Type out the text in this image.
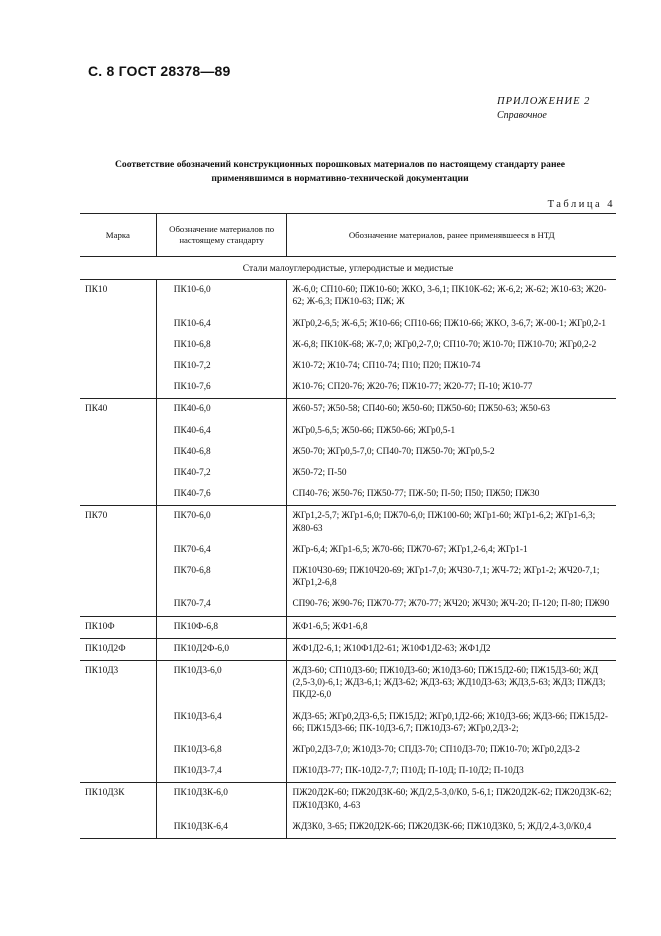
С. 8 ГОСТ 28378—89
ПРИЛОЖЕНИЕ 2
Справочное
Соответствие обозначений конструкционных порошковых материалов по настоящему стандарту ранее применявшимся в нормативно-технической документации
Таблица 4
Марка	Обозначение материалов по настоящему стандарту	Обозначение материалов, ранее применявшееся в НТД
Стали малоуглеродистые, углеродистые и медистые		
ПК10	ПК10-6,0	Ж-6,0; СП10-60; ПЖ10-60; ЖКО, 3-6,1; ПК10К-62; Ж-6,2; Ж-62; Ж10-63; Ж20-62; Ж-6,3; ПЖ10-63; ПЖ; Ж
	ПК10-6,4	ЖГр0,2-6,5; Ж-6,5; Ж10-66; СП10-66; ПЖ10-66; ЖКО, 3-6,7; Ж-00-1; ЖГр0,2-1
	ПК10-6,8	Ж-6,8; ПК10К-68; Ж-7,0; ЖГр0,2-7,0; СП10-70; Ж10-70; ПЖ10-70; ЖГр0,2-2
	ПК10-7,2	Ж10-72; Ж10-74; СП10-74; П10; П20; ПЖ10-74
	ПК10-7,6	Ж10-76; СП20-76; Ж20-76; ПЖ10-77; Ж20-77; П-10; Ж10-77
ПК40	ПК40-6,0	Ж60-57; Ж50-58; СП40-60; Ж50-60; ПЖ50-60; ПЖ50-63; Ж50-63
	ПК40-6,4	ЖГр0,5-6,5; Ж50-66; ПЖ50-66; ЖГр0,5-1
	ПК40-6,8	Ж50-70; ЖГр0,5-7,0; СП40-70; ПЖ50-70; ЖГр0,5-2
	ПК40-7,2	Ж50-72; П-50
	ПК40-7,6	СП40-76; Ж50-76; ПЖ50-77; ПЖ-50; П-50; П50; ПЖ50; ПЖ30
ПК70	ПК70-6,0	ЖГр1,2-5,7; ЖГр1-6,0; ПЖ70-6,0; ПЖ100-60; ЖГр1-60; ЖГр1-6,2; ЖГр1-6,3; Ж80-63
	ПК70-6,4	ЖГр-6,4; ЖГр1-6,5; Ж70-66; ПЖ70-67; ЖГр1,2-6,4; ЖГр1-1
	ПК70-6,8	ПЖ10Ч30-69; ПЖ10Ч20-69; ЖГр1-7,0; ЖЧ30-7,1; ЖЧ-72; ЖГр1-2; ЖЧ20-7,1; ЖГр1,2-6,8
	ПК70-7,4	СП90-76; Ж90-76; ПЖ70-77; Ж70-77; ЖЧ20; ЖЧ30; ЖЧ-20; П-120; П-80; ПЖ90
ПК10Ф	ПК10Ф-6,8	ЖФ1-6,5; ЖФ1-6,8
ПК10Д2Ф	ПК10Д2Ф-6,0	ЖФ1Д2-6,1; Ж10Ф1Д2-61; Ж10Ф1Д2-63; ЖФ1Д2
ПК10Д3	ПК10Д3-6,0	ЖД3-60; СП10Д3-60; ПЖ10Д3-60; Ж10Д3-60; ПЖ15Д2-60; ПЖ15Д3-60; ЖД (2,5-3,0)-6,1; ЖД3-6,1; ЖД3-62; ЖД3-63; ЖД10Д3-63; ЖД3,5-63; ЖД3; ПЖД3; ПКД2-6,0
	ПК10Д3-6,4	ЖД3-65; ЖГр0,2Д3-6,5; ПЖ15Д2; ЖГр0,1Д2-66; Ж10Д3-66; ЖД3-66; ПЖ15Д2-66; ПЖ15Д3-66; ПК-10Д3-6,7; ПЖ10Д3-67; ЖГр0,2Д3-2;
	ПК10Д3-6,8	ЖГр0,2Д3-7,0; Ж10Д3-70; СПД3-70; СП10Д3-70; ПЖ10-70; ЖГр0,2Д3-2
	ПК10Д3-7,4	ПЖ10Д3-77; ПК-10Д2-7,7; П10Д; П-10Д; П-10Д2; П-10Д3
ПК10Д3К	ПК10Д3К-6,0	ПЖ20Д2К-60; ПЖ20Д3К-60; ЖД/2,5-3,0/К0, 5-6,1; ПЖ20Д2К-62; ПЖ20Д3К-62; ПЖ10Д3К0, 4-63
	ПК10Д3К-6,4	ЖД3К0, 3-65; ПЖ20Д2К-66; ПЖ20Д3К-66; ПЖ10Д3К0, 5; ЖД/2,4-3,0/К0,4
